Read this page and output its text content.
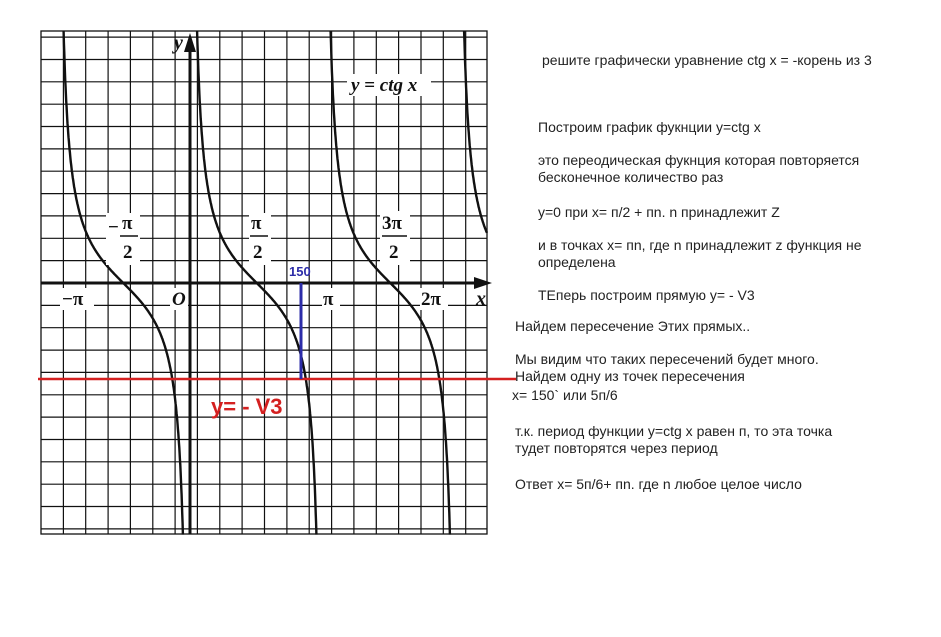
y
x
y = ctg x
−π	O	π	2π
− π
2
π
2
3π
2
y= - V3
150
решите графически уравнение ctg x = -корень из 3
Построим график фукнции y=ctg x
это переодическая фукнция которая повторяется
бесконечное количество раз
y=0 при x= п/2 + пn. n принадлежит Z
и в точках x= пn, где n принадлежит z функция не
определена
ТЕперь построим прямую y= - V3
Найдем пересечение Этих прямых..
Мы видим что таких пересечений будет много.
Найдем одну из точек пересечения
x= 150` или 5п/6
т.к. период функции y=ctg x равен п, то эта точка
тудет повторятся через период
Ответ x= 5п/6+ пn. где n любое целое число
